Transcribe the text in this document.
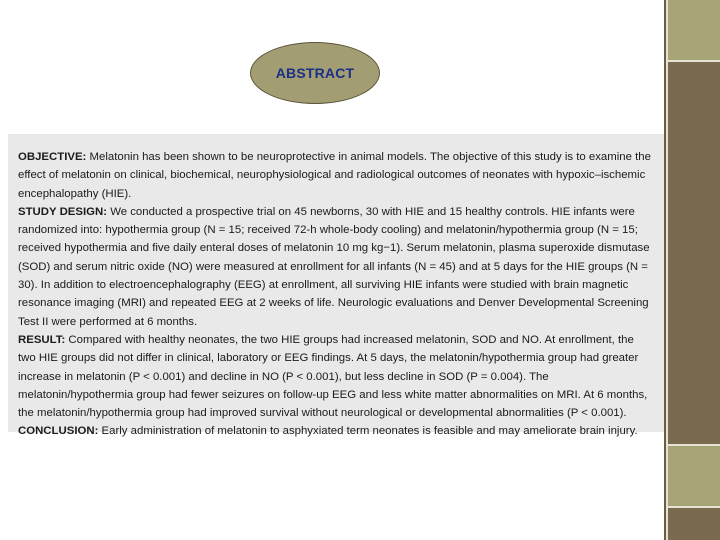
ABSTRACT

OBJECTIVE: Melatonin has been shown to be neuroprotective in animal models. The objective of this study is to examine the effect of melatonin on clinical, biochemical, neurophysiological and radiological outcomes of neonates with hypoxic–ischemic encephalopathy (HIE).

STUDY DESIGN: We conducted a prospective trial on 45 newborns, 30 with HIE and 15 healthy controls. HIE infants were randomized into: hypothermia group (N = 15; received 72-h whole-body cooling) and melatonin/hypothermia group (N = 15; received hypothermia and five daily enteral doses of melatonin 10 mg kg−1). Serum melatonin, plasma superoxide dismutase (SOD) and serum nitric oxide (NO) were measured at enrollment for all infants (N = 45) and at 5 days for the HIE groups (N = 30). In addition to electroencephalography (EEG) at enrollment, all surviving HIE infants were studied with brain magnetic resonance imaging (MRI) and repeated EEG at 2 weeks of life. Neurologic evaluations and Denver Developmental Screening Test II were performed at 6 months.

RESULT: Compared with healthy neonates, the two HIE groups had increased melatonin, SOD and NO. At enrollment, the two HIE groups did not differ in clinical, laboratory or EEG findings. At 5 days, the melatonin/hypothermia group had greater increase in melatonin (P < 0.001) and decline in NO (P < 0.001), but less decline in SOD (P = 0.004). The melatonin/hypothermia group had fewer seizures on follow-up EEG and less white matter abnormalities on MRI. At 6 months, the melatonin/hypothermia group had improved survival without neurological or developmental abnormalities (P < 0.001).

CONCLUSION: Early administration of melatonin to asphyxiated term neonates is feasible and may ameliorate brain injury.
